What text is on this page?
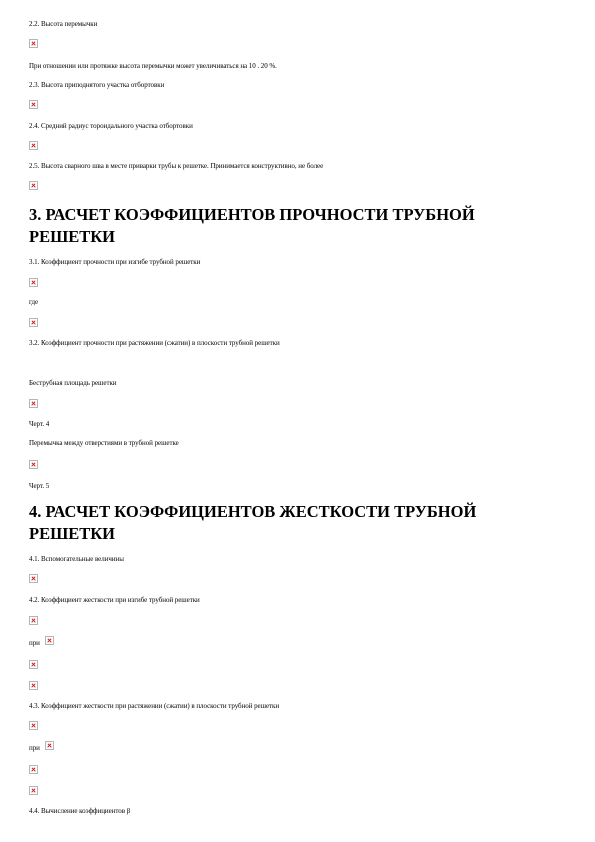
2.2. Высота перемычки
При отношении или протяжке высота перемычки может увеличиваться на 10 . 20 %.
2.3. Высота приподнятого участка отбортовки
2.4. Средний радиус тороидального участка отбортовки
2.5. Высота сварного шва в месте приварки трубы к решетке. Принимается конструктивно, не более
3. РАСЧЕТ КОЭФФИЦИЕНТОВ ПРОЧНОСТИ ТРУБНОЙ РЕШЕТКИ
3.1. Коэффициент прочности при изгибе трубной решетки
где
3.2. Коэффициент прочности при растяжении (сжатии) в плоскости трубной решетки
Беструбная площадь решетки
Черт. 4
Перемычка между отверстиями в трубной решетке
Черт. 5
4. РАСЧЕТ КОЭФФИЦИЕНТОВ ЖЕСТКОСТИ ТРУБНОЙ РЕШЕТКИ
4.1. Вспомогательные величины
4.2. Коэффициент жесткости при изгибе трубной решетки
при
4.3. Коэффициент жесткости при растяжении (сжатии) в плоскости трубной решетки
при
4.4. Вычисление коэффициентов β
